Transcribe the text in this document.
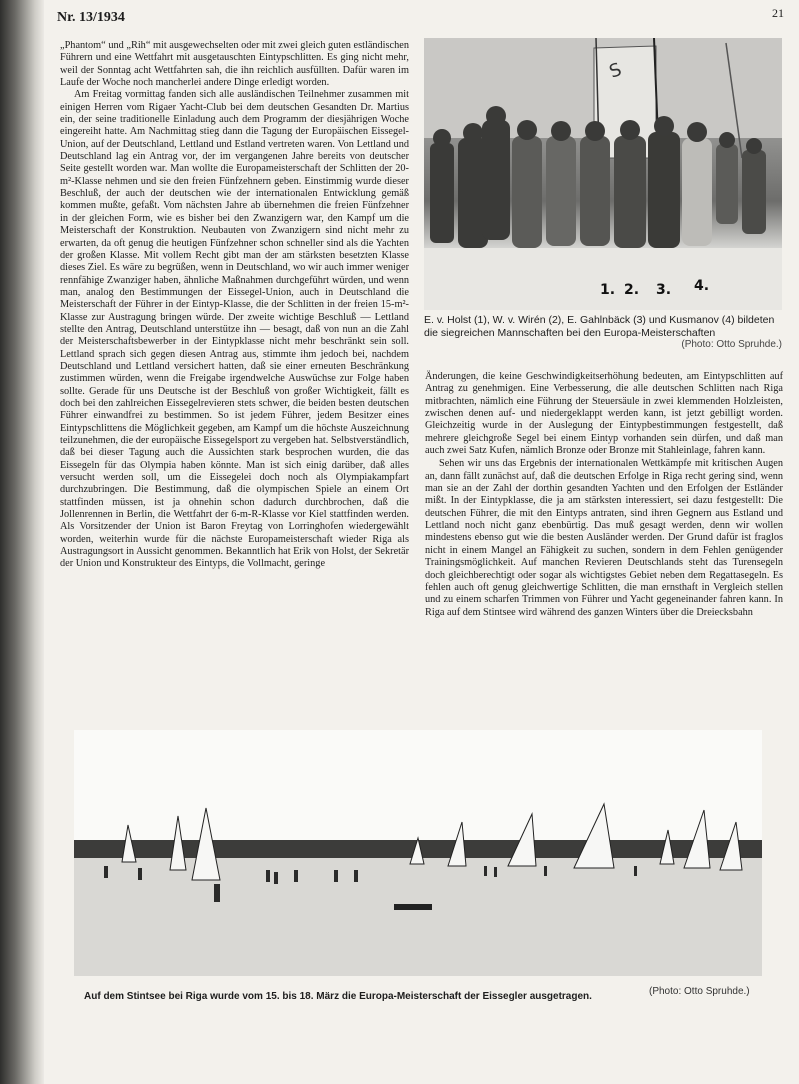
Nr. 13/1934	21

„Phantom“ und „Rih“ mit ausgewechselten oder mit zwei gleich guten estländischen Führern und eine Wettfahrt mit ausgetauschten Eintypschlitten. Es ging nicht mehr, weil der Sonntag acht Wettfahrten sah, die ihn reichlich ausfüllten. Dafür waren im Laufe der Woche noch mancherlei andere Dinge erledigt worden.

Am Freitag vormittag fanden sich alle ausländischen Teilnehmer zusammen mit einigen Herren vom Rigaer Yacht-Club bei dem deutschen Gesandten Dr. Martius ein, der seine traditionelle Einladung auch dem Programm der diesjährigen Woche eingereiht hatte. Am Nachmittag stieg dann die Tagung der Europäischen Eissegel-Union, auf der Deutschland, Lettland und Estland vertreten waren. Von Lettland und Deutschland lag ein Antrag vor, der im vergangenen Jahre bereits von deutscher Seite gestellt worden war. Man wollte die Europameisterschaft der Schlitten der 20-m²-Klasse nehmen und sie den freien Fünfzehnern geben. Einstimmig wurde dieser Beschluß, der auch der deutschen wie der internationalen Entwicklung gemäß kommen mußte, gefaßt. Vom nächsten Jahre ab übernehmen die freien Fünfzehner in der gleichen Form, wie es bisher bei den Zwanzigern war, den Kampf um die Meisterschaft der Konstruktion. Neubauten von Zwanzigern sind nicht mehr zu erwarten, da oft genug die heutigen Fünfzehner schon schneller sind als die Yachten der großen Klasse. Mit vollem Recht gibt man der am stärksten besetzten Klasse dieses Ziel. Es wäre zu begrüßen, wenn in Deutschland, wo wir auch immer weniger rennfähige Zwanziger haben, ähnliche Maßnahmen durchgeführt würden, und wenn man, analog den Bestimmungen der Eissegel-Union, auch in Deutschland die Meisterschaft der Führer in der Eintyp-Klasse, die der Schlitten in der freien 15-m²-Klasse zur Austragung bringen würde. Der zweite wichtige Beschluß — Lettland stellte den Antrag, Deutschland unterstütze ihn — besagt, daß von nun an die Zahl der Meisterschaftsbewerber in der Eintypklasse nicht mehr beschränkt sein soll. Lettland sprach sich gegen diesen Antrag aus, stimmte ihm jedoch bei, nachdem Deutschland und Lettland versichert hatten, daß sie einer erneuten Beschränkung zustimmen würden, wenn die Freigabe irgendwelche Auswüchse zur Folge haben sollte. Gerade für uns Deutsche ist der Beschluß von großer Wichtigkeit, fällt es doch bei den zahlreichen Eissegelrevieren stets schwer, die beiden besten deutschen Führer einwandfrei zu bestimmen. So ist jedem Führer, jedem Besitzer eines Eintypschlittens die Möglichkeit gegeben, am Kampf um die höchste Auszeichnung teilzunehmen, die der europäische Eissegelsport zu vergeben hat. Selbstverständlich, daß bei dieser Tagung auch die Aussichten stark besprochen wurden, die das Eissegeln für das Olympia haben könnte. Man ist sich einig darüber, daß alles versucht werden soll, um die Eissegelei doch noch als Olympiakampfart durchzubringen. Die Bestimmung, daß die olympischen Spiele an einem Ort stattfinden müssen, ist ja ohnehin schon dadurch durchbrochen, daß die Jollenrennen in Berlin, die Wettfahrt der 6-m-R-Klasse vor Kiel stattfinden werden. Als Vorsitzender der Union ist Baron Freytag von Lorringhofen wiedergewählt worden, weiterhin wurde für die nächste Europameisterschaft wieder Riga als Austragungsort in Aussicht genommen. Bekanntlich hat Erik von Holst, der Sekretär der Union und Konstrukteur des Eintyps, die Vollmacht, geringe

S
1. 2. 3. 4.
E. v. Holst (1), W. v. Wirén (2), E. Gahlnbäck (3) und Kusmanov (4) bildeten die siegreichen Mannschaften bei den Europa-Meisterschaften
(Photo: Otto Spruhde.)

Änderungen, die keine Geschwindigkeitserhöhung bedeuten, am Eintypschlitten auf Antrag zu genehmigen. Eine Verbesserung, die alle deutschen Schlitten nach Riga mitbrachten, nämlich eine Führung der Steuersäule in zwei klemmenden Holzleisten, zwischen denen auf- und niedergeklappt werden kann, ist jetzt gebilligt worden. Gleichzeitig wurde in der Auslegung der Eintypbestimmungen festgestellt, daß mehrere gleichgroße Segel bei einem Eintyp vorhanden sein dürfen, und daß man auch zwei Satz Kufen, nämlich Bronze oder Bronze mit Stahleinlage, fahren kann.

Sehen wir uns das Ergebnis der internationalen Wettkämpfe mit kritischen Augen an, dann fällt zunächst auf, daß die deutschen Erfolge in Riga recht gering sind, wenn man sie an der Zahl der dorthin gesandten Yachten und den Erfolgen der Estländer mißt. In der Eintypklasse, die ja am stärksten interessiert, sei dazu festgestellt: Die deutschen Führer, die mit den Eintyps antraten, sind ihren Gegnern aus Estland und Lettland noch nicht ganz ebenbürtig. Das muß gesagt werden, denn wir wollen mindestens ebenso gut wie die besten Ausländer werden. Der Grund dafür ist fraglos nicht in einem Mangel an Fähigkeit zu suchen, sondern in dem Fehlen genügender Trainingsmöglichkeit. Auf manchen Revieren Deutschlands steht das Turensegeln doch gleichberechtigt oder sogar als wichtigstes Gebiet neben dem Regattasegeln. Es fehlen auch oft genug gleichwertige Schlitten, die man ernsthaft in Vergleich stellen und zu einem scharfen Trimmen von Führer und Yacht gegeneinander fahren kann. In Riga auf dem Stintsee wird während des ganzen Winters über die Dreiecksbahn

Auf dem Stintsee bei Riga wurde vom 15. bis 18. März die Europa-Meisterschaft der Eissegler ausgetragen.	(Photo: Otto Spruhde.)
